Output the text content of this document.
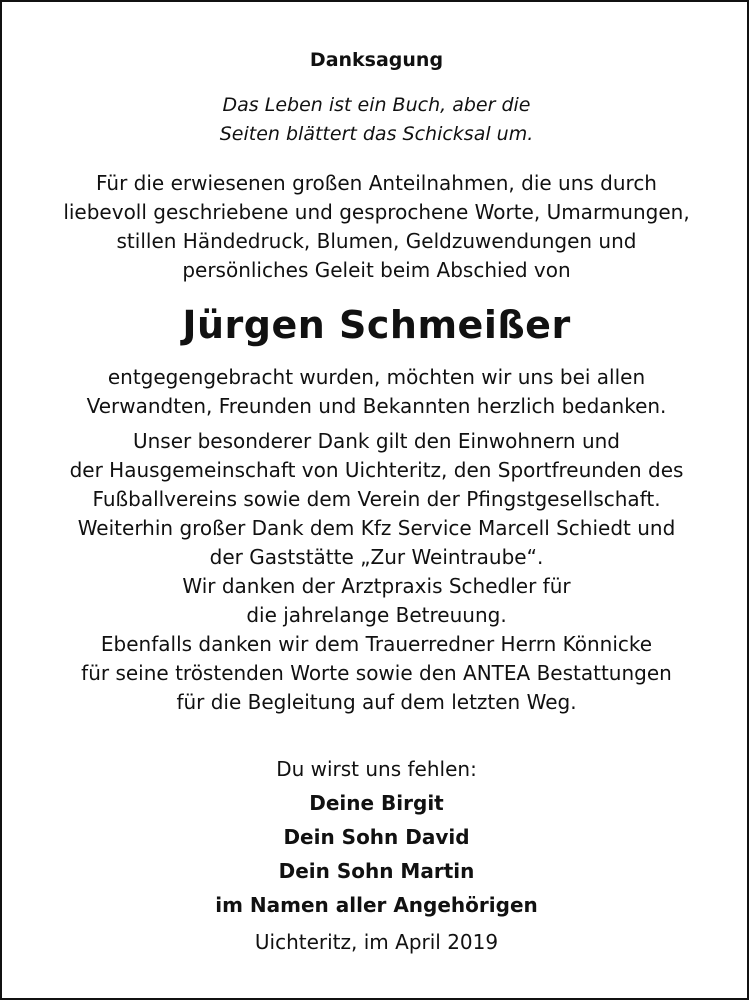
Danksagung
Das Leben ist ein Buch, aber die
Seiten blättert das Schicksal um.
Für die erwiesenen großen Anteilnahmen, die uns durch
liebevoll geschriebene und gesprochene Worte, Umarmungen,
stillen Händedruck, Blumen, Geldzuwendungen und
persönliches Geleit beim Abschied von
Jürgen Schmeißer
entgegengebracht wurden, möchten wir uns bei allen
Verwandten, Freunden und Bekannten herzlich bedanken.
Unser besonderer Dank gilt den Einwohnern und
der Hausgemeinschaft von Uichteritz, den Sportfreunden des
Fußballvereins sowie dem Verein der Pfingstgesellschaft.
Weiterhin großer Dank dem Kfz Service Marcell Schiedt und
der Gaststätte „Zur Weintraube“.
Wir danken der Arztpraxis Schedler für
die jahrelange Betreuung.
Ebenfalls danken wir dem Trauerredner Herrn Könnicke
für seine tröstenden Worte sowie den ANTEA Bestattungen
für die Begleitung auf dem letzten Weg.
Du wirst uns fehlen:
Deine Birgit
Dein Sohn David
Dein Sohn Martin
im Namen aller Angehörigen
Uichteritz, im April 2019
